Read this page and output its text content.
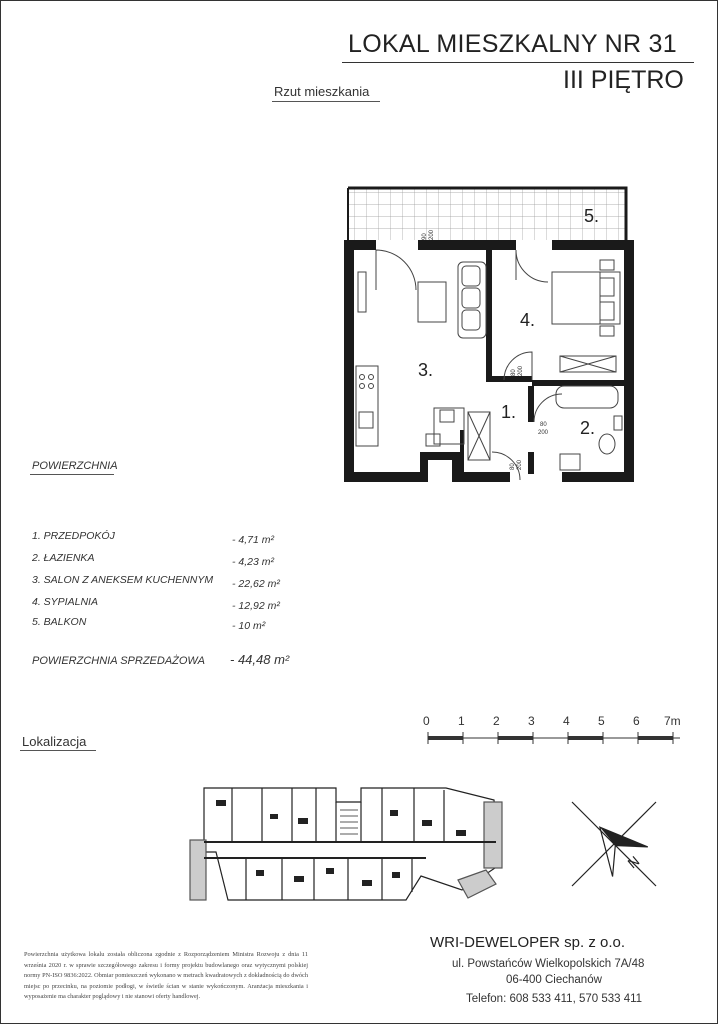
LOKAL MIESZKALNY NR 31
III PIĘTRO
Rzut mieszkania
80 200
80
200
80 200
90 200
1.
2.
3.
4.
5.
POWIERZCHNIA
1. PRZEDPOKÓJ	- 4,71 m²
2. ŁAZIENKA	- 4,23 m²
3. SALON Z ANEKSEM KUCHENNYM - 22,62 m²
4. SYPIALNIA	- 12,92 m²
5. BALKON	- 10 m²
POWIERZCHNIA SPRZEDAŻOWA - 44,48 m²
0 1 2 3 4 5 6 7m
Lokalizacja
N
Powierzchnia użytkowa lokalu została obliczona zgodnie z Rozporządzeniem Ministra Rozwoju z dnia 11 września 2020 r. w sprawie szczegółowego zakresu i formy projektu budowlanego oraz wytycznymi polskiej normy PN-ISO 9836:2022. Obmiar pomieszczeń wykonano w metrach kwadratowych z dokładnością do dwóch miejsc po przecinku, na poziomie podłogi, w świetle ścian w stanie wykończonym. Aranżacja mieszkania i wyposażenie ma charakter poglądowy i nie stanowi oferty handlowej.
WRI-DEWELOPER sp. z o.o.
ul. Powstańców Wielkopolskich 7A/48
06-400 Ciechanów
Telefon: 608 533 411, 570 533 411
